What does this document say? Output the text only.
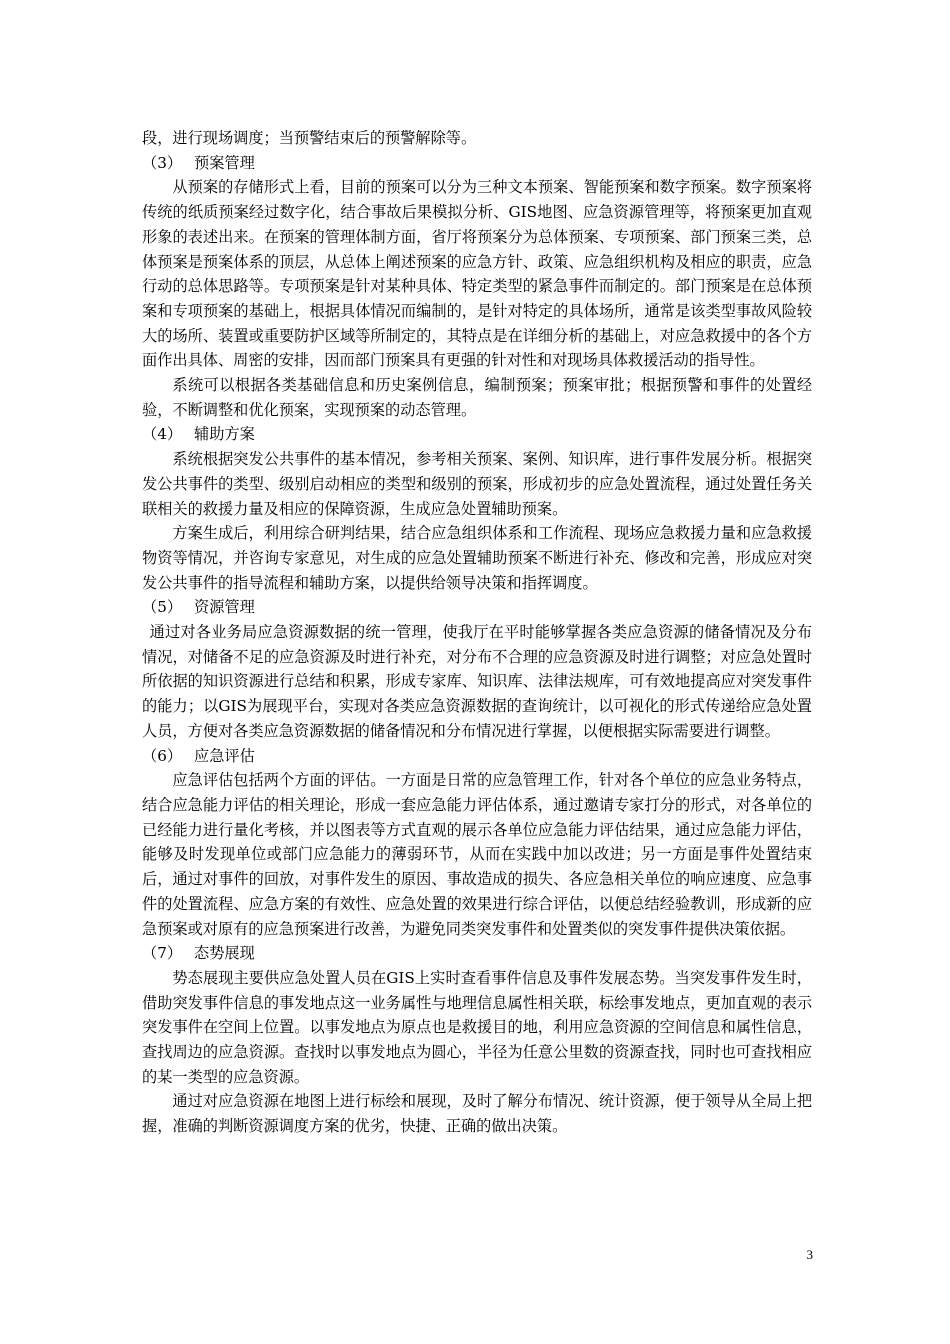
段，进行现场调度；当预警结束后的预警解除等。

（3） 预案管理

从预案的存储形式上看，目前的预案可以分为三种文本预案、智能预案和数字预案。数字预案将传统的纸质预案经过数字化，结合事故后果模拟分析、GIS地图、应急资源管理等，将预案更加直观形象的表述出来。在预案的管理体制方面，省厅将预案分为总体预案、专项预案、部门预案三类，总体预案是预案体系的顶层，从总体上阐述预案的应急方针、政策、应急组织机构及相应的职责，应急行动的总体思路等。专项预案是针对某种具体、特定类型的紧急事件而制定的。部门预案是在总体预案和专项预案的基础上，根据具体情况而编制的，是针对特定的具体场所，通常是该类型事故风险较大的场所、装置或重要防护区域等所制定的，其特点是在详细分析的基础上，对应急救援中的各个方面作出具体、周密的安排，因而部门预案具有更强的针对性和对现场具体救援活动的指导性。

系统可以根据各类基础信息和历史案例信息，编制预案；预案审批；根据预警和事件的处置经验，不断调整和优化预案，实现预案的动态管理。

（4） 辅助方案

系统根据突发公共事件的基本情况，参考相关预案、案例、知识库，进行事件发展分析。根据突发公共事件的类型、级别启动相应的类型和级别的预案，形成初步的应急处置流程，通过处置任务关联相关的救援力量及相应的保障资源，生成应急处置辅助预案。

方案生成后，利用综合研判结果，结合应急组织体系和工作流程、现场应急救援力量和应急救援物资等情况，并咨询专家意见，对生成的应急处置辅助预案不断进行补充、修改和完善，形成应对突发公共事件的指导流程和辅助方案，以提供给领导决策和指挥调度。

（5） 资源管理

通过对各业务局应急资源数据的统一管理，使我厅在平时能够掌握各类应急资源的储备情况及分布情况，对储备不足的应急资源及时进行补充，对分布不合理的应急资源及时进行调整；对应急处置时所依据的知识资源进行总结和积累，形成专家库、知识库、法律法规库，可有效地提高应对突发事件的能力；以GIS为展现平台，实现对各类应急资源数据的查询统计，以可视化的形式传递给应急处置人员，方便对各类应急资源数据的储备情况和分布情况进行掌握，以便根据实际需要进行调整。

（6） 应急评估

应急评估包括两个方面的评估。一方面是日常的应急管理工作，针对各个单位的应急业务特点，结合应急能力评估的相关理论，形成一套应急能力评估体系，通过邀请专家打分的形式，对各单位的已经能力进行量化考核，并以图表等方式直观的展示各单位应急能力评估结果，通过应急能力评估，能够及时发现单位或部门应急能力的薄弱环节，从而在实践中加以改进；另一方面是事件处置结束后，通过对事件的回放，对事件发生的原因、事故造成的损失、各应急相关单位的响应速度、应急事件的处置流程、应急方案的有效性、应急处置的效果进行综合评估，以便总结经验教训，形成新的应急预案或对原有的应急预案进行改善，为避免同类突发事件和处置类似的突发事件提供决策依据。

（7） 态势展现

势态展现主要供应急处置人员在GIS上实时查看事件信息及事件发展态势。当突发事件发生时，借助突发事件信息的事发地点这一业务属性与地理信息属性相关联，标绘事发地点，更加直观的表示突发事件在空间上位置。以事发地点为原点也是救援目的地，利用应急资源的空间信息和属性信息，查找周边的应急资源。查找时以事发地点为圆心，半径为任意公里数的资源查找，同时也可查找相应的某一类型的应急资源。

通过对应急资源在地图上进行标绘和展现，及时了解分布情况、统计资源，便于领导从全局上把握，准确的判断资源调度方案的优劣，快捷、正确的做出决策。

3
